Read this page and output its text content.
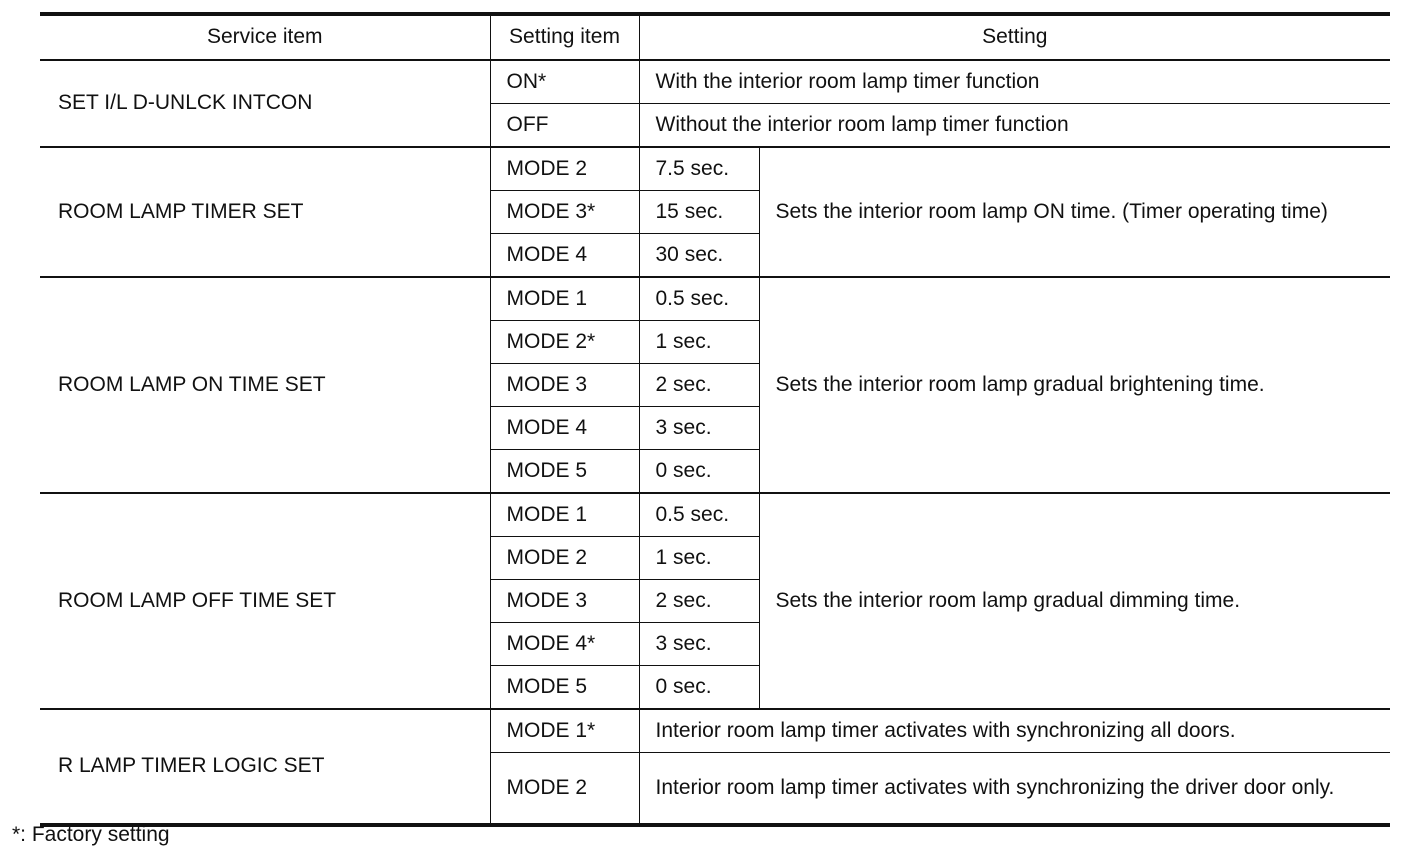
Service item	Setting item	Setting	
SET I/L D-UNLCK INTCON	ON*	With the interior room lamp timer function	
	OFF	Without the interior room lamp timer function	
ROOM LAMP TIMER SET	MODE 2	7.5 sec.	Sets the interior room lamp ON time. (Timer operating time)
	MODE 3*	15 sec.	
	MODE 4	30 sec.	
ROOM LAMP ON TIME SET	MODE 1	0.5 sec.	Sets the interior room lamp gradual brightening time.
	MODE 2*	1 sec.	
	MODE 3	2 sec.	
	MODE 4	3 sec.	
	MODE 5	0 sec.	
ROOM LAMP OFF TIME SET	MODE 1	0.5 sec.	Sets the interior room lamp gradual dimming time.
	MODE 2	1 sec.	
	MODE 3	2 sec.	
	MODE 4*	3 sec.	
	MODE 5	0 sec.	
R LAMP TIMER LOGIC SET	MODE 1*	Interior room lamp timer activates with synchronizing all doors.	
	MODE 2	Interior room lamp timer activates with synchronizing the driver door only.	
*: Factory setting
